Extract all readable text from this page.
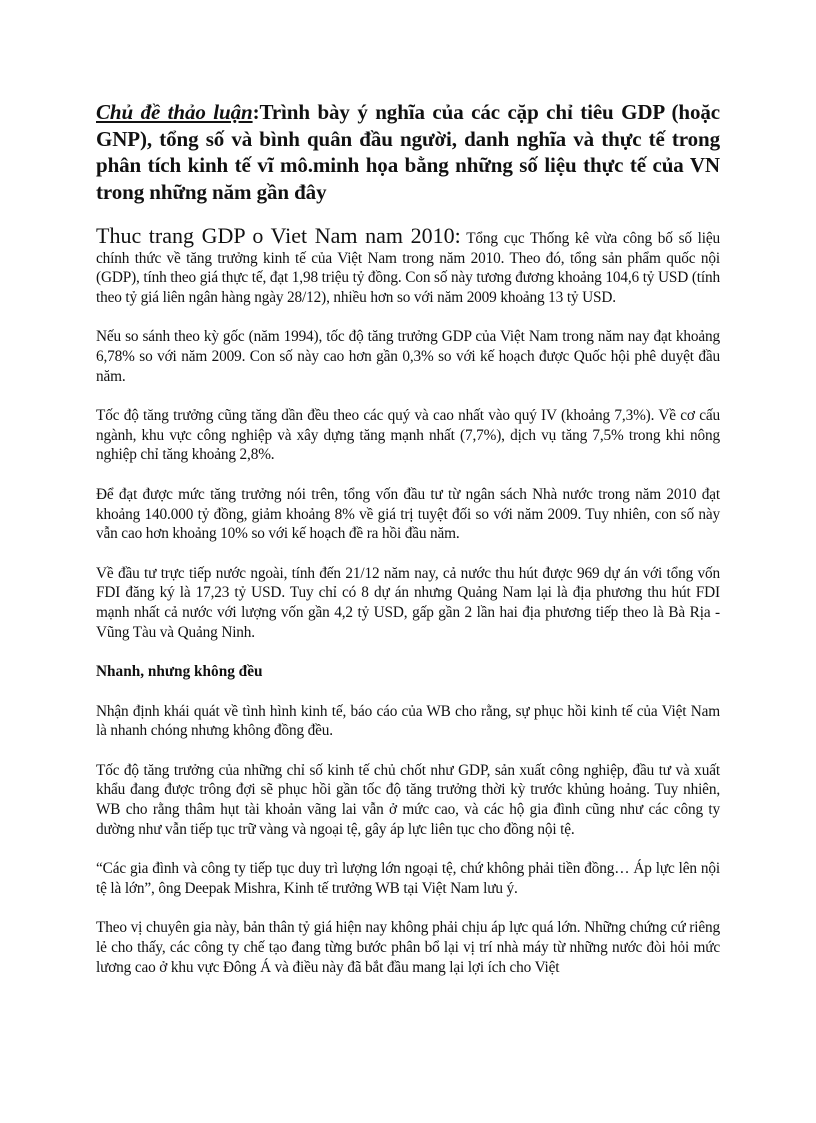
Chủ đề thảo luận:Trình bày ý nghĩa của các cặp chỉ tiêu GDP (hoặc GNP), tổng số và bình quân đầu người, danh nghĩa và thực tế trong phân tích kinh tế vĩ mô.minh họa bằng những số liệu thực tế của VN trong những năm gần đây

Thuc trang GDP o Viet Nam nam 2010: Tổng cục Thống kê vừa công bố số liệu chính thức về tăng trưởng kinh tế của Việt Nam trong năm 2010. Theo đó, tổng sản phẩm quốc nội (GDP), tính theo giá thực tế, đạt 1,98 triệu tỷ đồng. Con số này tương đương khoảng 104,6 tỷ USD (tính theo tỷ giá liên ngân hàng ngày 28/12), nhiều hơn so với năm 2009 khoảng 13 tỷ USD.

Nếu so sánh theo kỳ gốc (năm 1994), tốc độ tăng trưởng GDP của Việt Nam trong năm nay đạt khoảng 6,78% so với năm 2009. Con số này cao hơn gần 0,3% so với kế hoạch được Quốc hội phê duyệt đầu năm.

Tốc độ tăng trưởng cũng tăng dần đều theo các quý và cao nhất vào quý IV (khoảng 7,3%). Về cơ cấu ngành, khu vực công nghiệp và xây dựng tăng mạnh nhất (7,7%), dịch vụ tăng 7,5% trong khi nông nghiệp chỉ tăng khoảng 2,8%.

Để đạt được mức tăng trưởng nói trên, tổng vốn đầu tư từ ngân sách Nhà nước trong năm 2010 đạt khoảng 140.000 tỷ đồng, giảm khoảng 8% về giá trị tuyệt đối so với năm 2009. Tuy nhiên, con số này vẫn cao hơn khoảng 10% so với kế hoạch đề ra hồi đầu năm.

Về đầu tư trực tiếp nước ngoài, tính đến 21/12 năm nay, cả nước thu hút được 969 dự án với tổng vốn FDI đăng ký là 17,23 tỷ USD. Tuy chỉ có 8 dự án nhưng Quảng Nam lại là địa phương thu hút FDI mạnh nhất cả nước với lượng vốn gần 4,2 tỷ USD, gấp gần 2 lần hai địa phương tiếp theo là Bà Rịa - Vũng Tàu và Quảng Ninh.

Nhanh, nhưng không đều

Nhận định khái quát về tình hình kinh tế, báo cáo của WB cho rằng, sự phục hồi kinh tế của Việt Nam là nhanh chóng nhưng không đồng đều.

Tốc độ tăng trưởng của những chỉ số kinh tế chủ chốt như GDP, sản xuất công nghiệp, đầu tư và xuất khẩu đang được trông đợi sẽ phục hồi gần tốc độ tăng trưởng thời kỳ trước khủng hoảng. Tuy nhiên, WB cho rằng thâm hụt tài khoản vãng lai vẫn ở mức cao, và các hộ gia đình cũng như các công ty dường như vẫn tiếp tục trữ vàng và ngoại tệ, gây áp lực liên tục cho đồng nội tệ.

“Các gia đình và công ty tiếp tục duy trì lượng lớn ngoại tệ, chứ không phải tiền đồng… Áp lực lên nội tệ là lớn”, ông Deepak Mishra, Kinh tế trưởng WB tại Việt Nam lưu ý.

Theo vị chuyên gia này, bản thân tỷ giá hiện nay không phải chịu áp lực quá lớn. Những chứng cứ riêng lẻ cho thấy, các công ty chế tạo đang từng bước phân bổ lại vị trí nhà máy từ những nước đòi hỏi mức lương cao ở khu vực Đông Á và điều này đã bắt đầu mang lại lợi ích cho Việt
